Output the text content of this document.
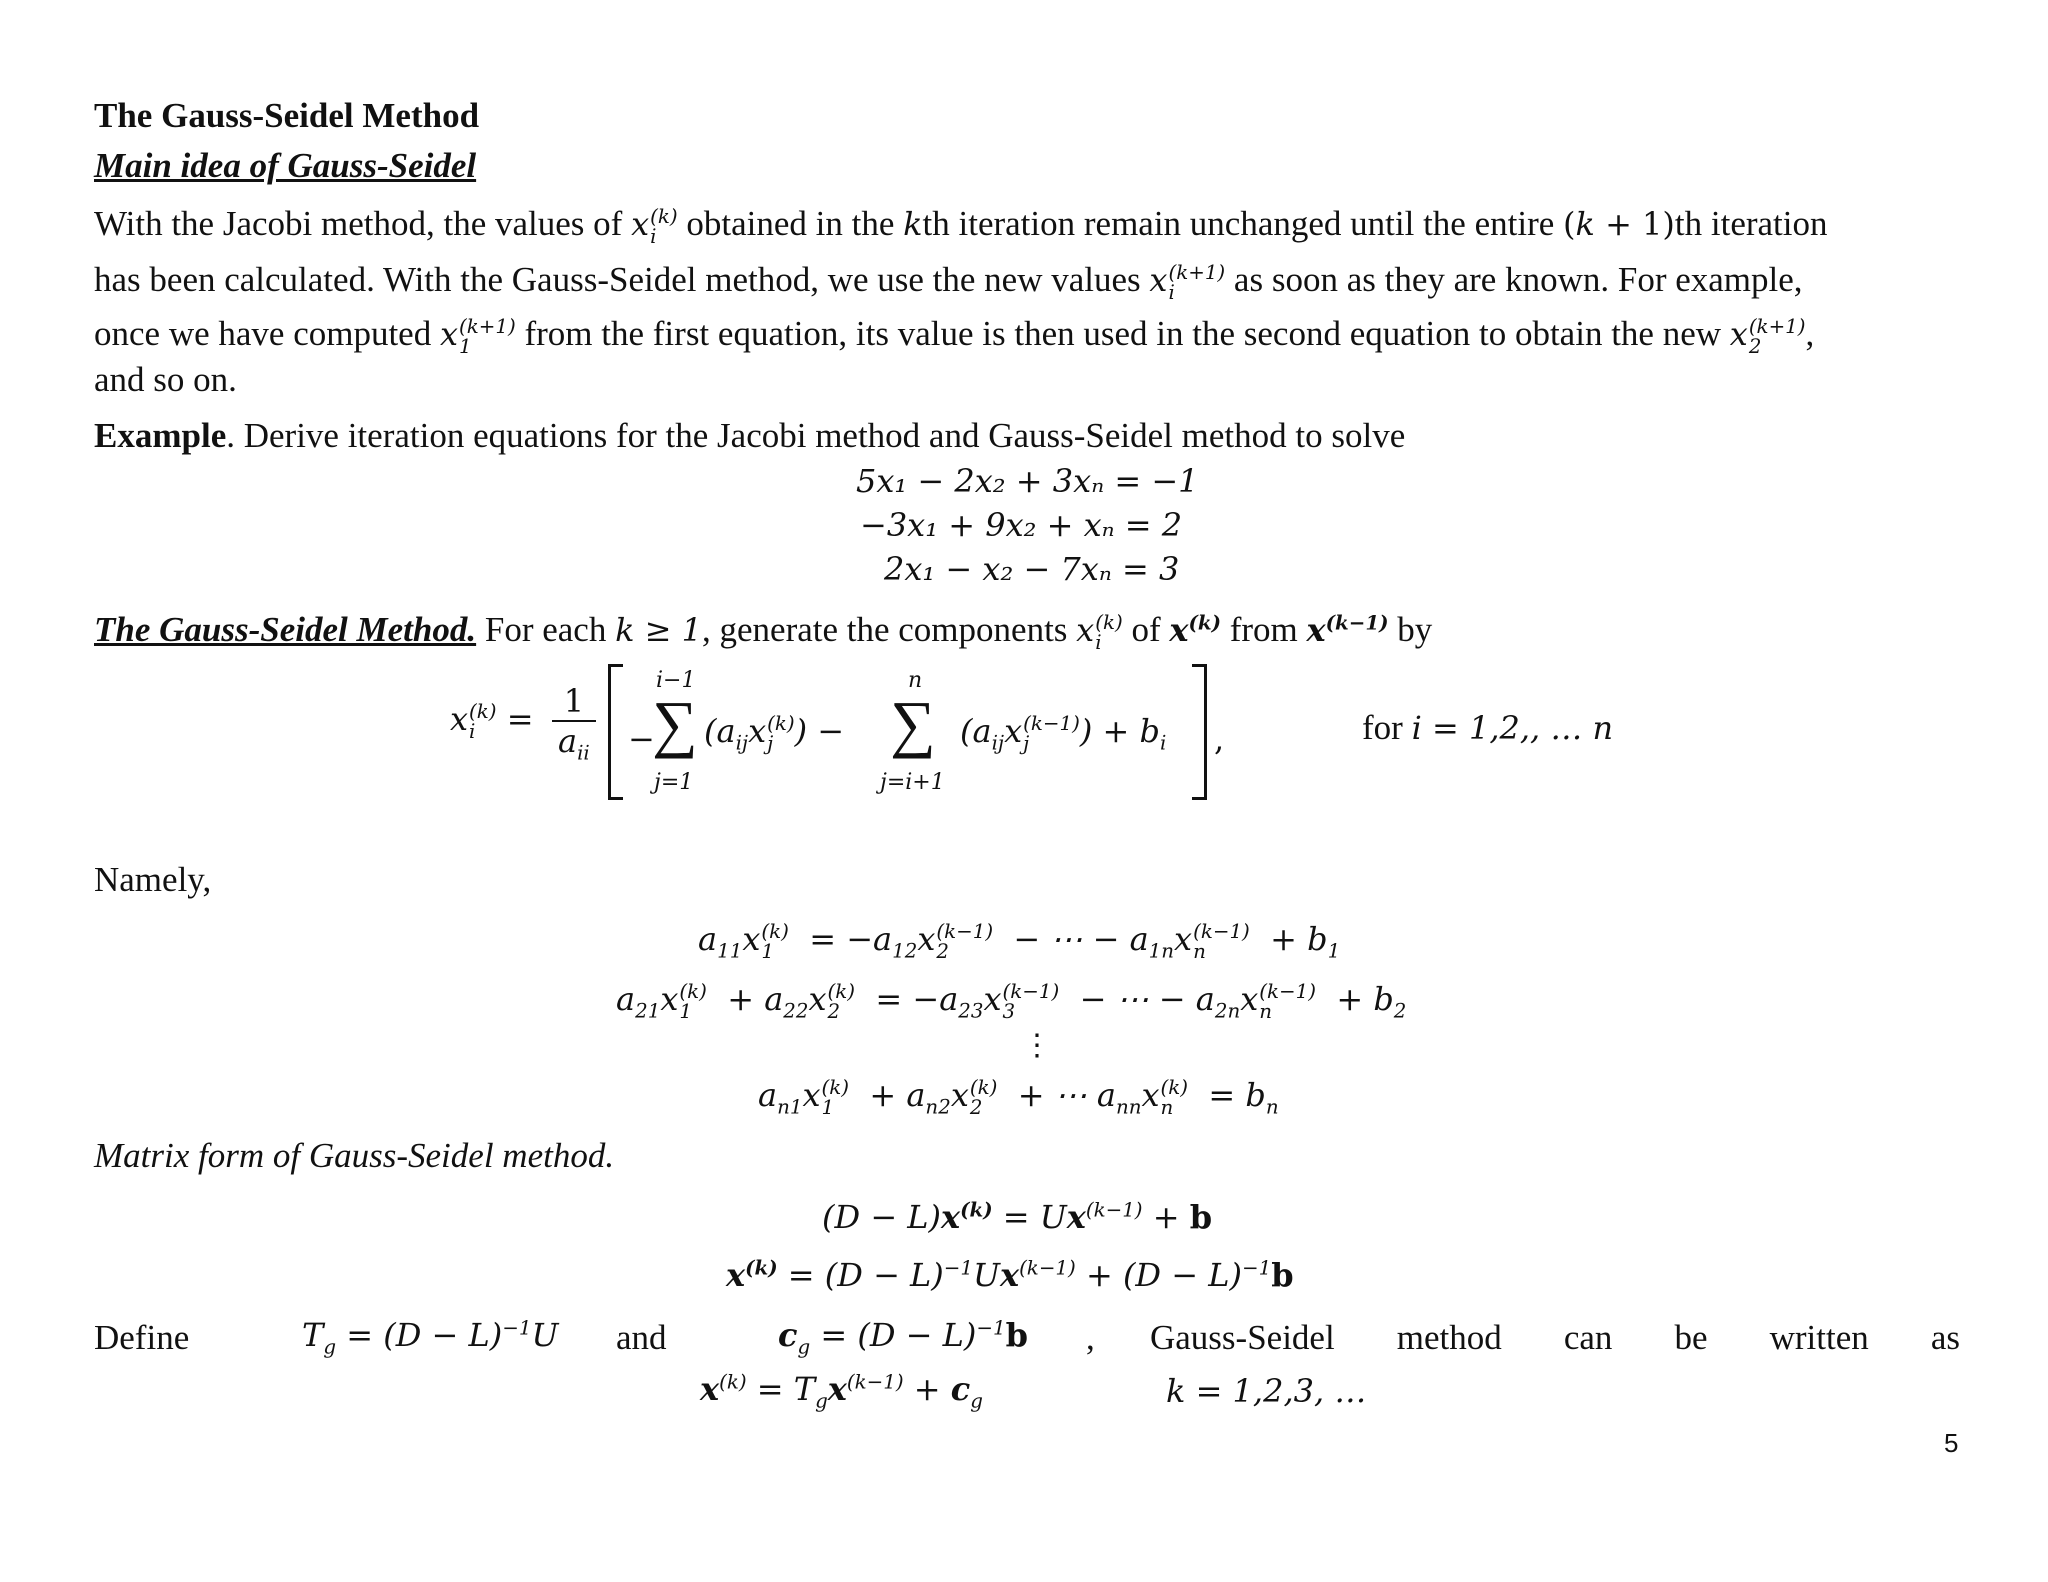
The Gauss-Seidel Method
Main idea of Gauss-Seidel
With the Jacobi method, the values of x (k)
i obtained in the kth iteration remain unchanged until the entire (k + 1)th iteration
has been calculated. With the Gauss-Seidel method, we use the new values x (k+1)
i	as soon as they are known. For example,
once we have computed x (k+1)
1	from the first equation, its value is then used in the second equation to obtain the new x (k+1)
2	,
and so on.
Example. Derive iteration equations for the Jacobi method and Gauss-Seidel method to solve
5x₁ − 2x₂ + 3xₙ = −1
−3x₁ + 9x₂ + xₙ = 2
2x₁ − x₂ − 7xₙ = 3
The Gauss-Seidel Method. For each k ≥ 1, generate the components x (k)
i of $x^{(k)}$ from $x^{(k-1)}$ by
x (k)
$i = \frac{1}{a_{ii}}$ −
i−1
∑
j=1
($a_{ij}x$ (k)
j ) −
n
∑
j=i+1
($a_{ij}x$ (k−1)
j	) + $b_i$ ,	for i = 1,2,, … n
Namely,
$a_{11}x$ (k)
$1 = -a_{12}x$ (k−1)
2	− ⋯ − $a_{1n}x$ (k−1)
n	+ $b_1$
$a_{21}x$ (k)
$1 + a_{22}x$ (k)
$2 = -a_{23}x$ (k−1)
3	− ⋯ − $a_{2n}x$ (k−1)
n	+ $b_2$
⋮
$a_{n1}x$ (k)
$1 + a_{n2}x$ (k)
2 + ⋯ $a_{nn}x$ (k)
$n = b_n$
Matrix form of Gauss-Seidel method.
$(D - L)x^{(k)} = Ux^{(k-1)} + b$
$x^{(k)} = (D - L)^{-1}Ux^{(k-1)} + (D - L)^{-1}b$
Define	$T_g = (D - L)^{-1}U$ and	$c_g = (D - L)^{-1}b$ , Gauss-Seidel method can be written as
$x^{(k)} = T_gx^{(k-1)} + c_g$	k = 1,2,3, …
5
